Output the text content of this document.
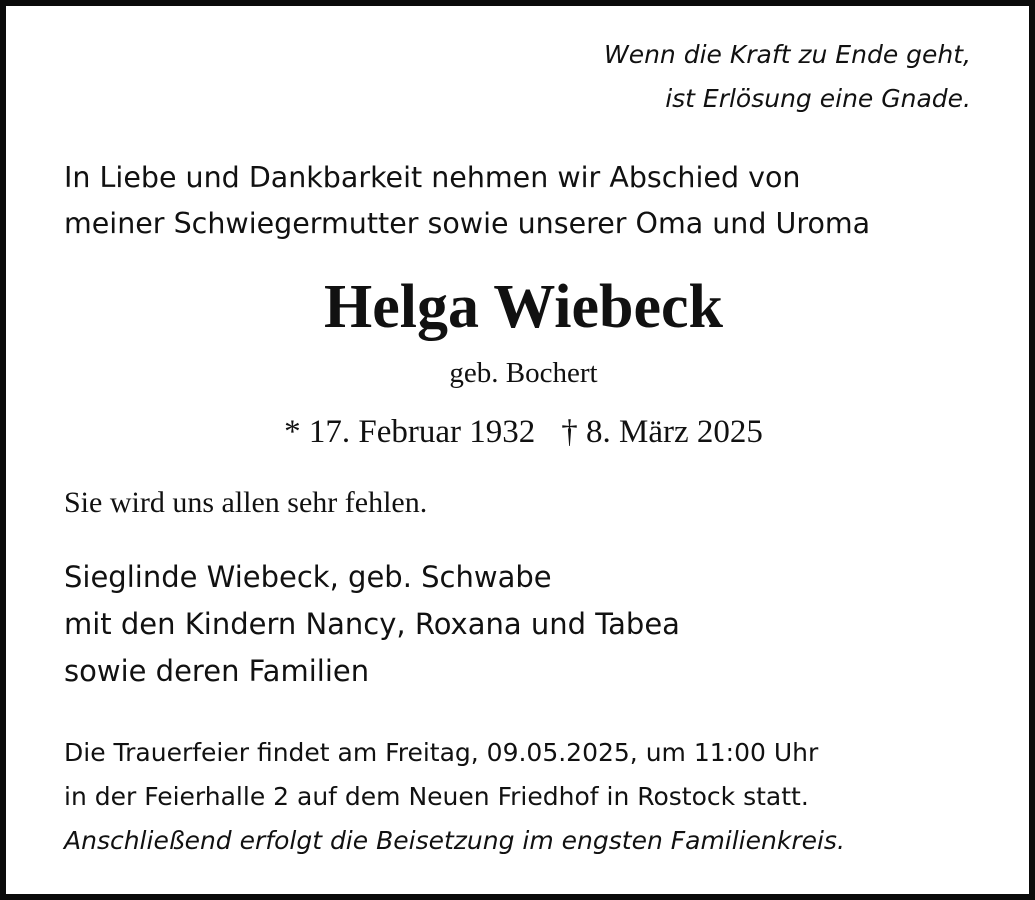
Wenn die Kraft zu Ende geht,
ist Erlösung eine Gnade.
In Liebe und Dankbarkeit nehmen wir Abschied von
meiner Schwiegermutter sowie unserer Oma und Uroma
Helga Wiebeck
geb. Bochert
* 17. Februar 1932 † 8. März 2025
Sie wird uns allen sehr fehlen.
Sieglinde Wiebeck, geb. Schwabe
mit den Kindern Nancy, Roxana und Tabea
sowie deren Familien
Die Trauerfeier findet am Freitag, 09.05.2025, um 11:00 Uhr
in der Feierhalle 2 auf dem Neuen Friedhof in Rostock statt.
Anschließend erfolgt die Beisetzung im engsten Familienkreis.
